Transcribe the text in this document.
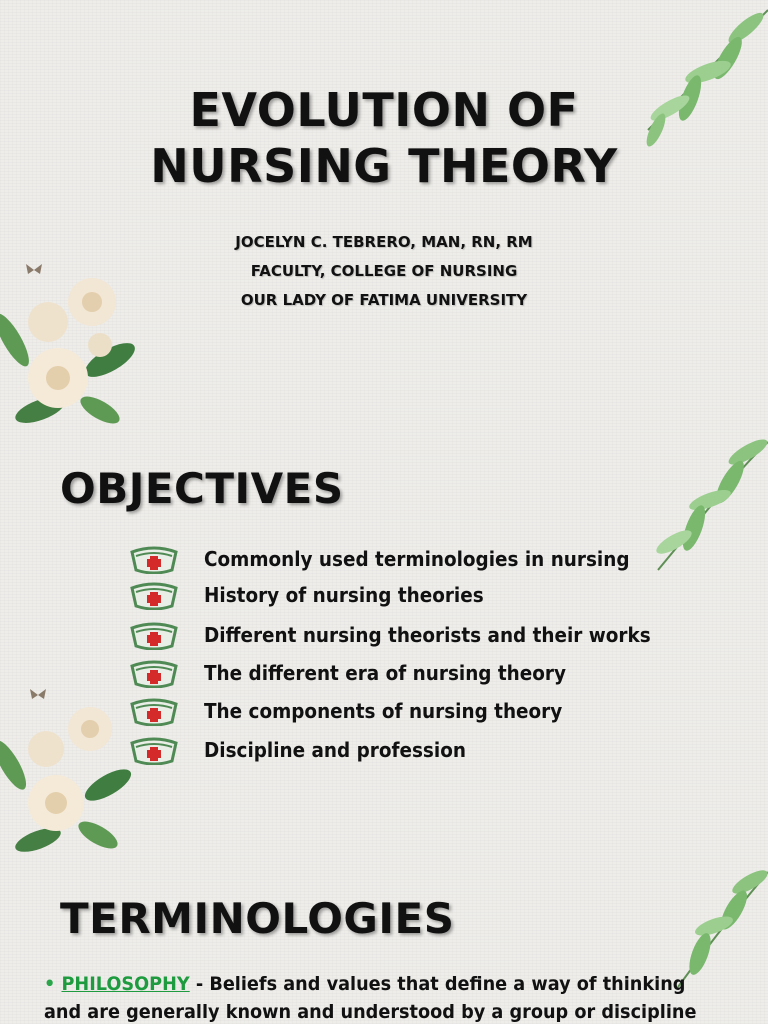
EVOLUTION OF
NURSING THEORY
JOCELYN C. TEBRERO, MAN, RN, RM
FACULTY, COLLEGE OF NURSING
OUR LADY OF FATIMA UNIVERSITY
OBJECTIVES
Commonly used terminologies in nursing
History of nursing theories
Different nursing theorists and their works
The different era of nursing theory
The components of nursing theory
Discipline and profession
TERMINOLOGIES

• PHILOSOPHY - Beliefs and values that define a way of thinking
and are generally known and understood by a group or discipline
